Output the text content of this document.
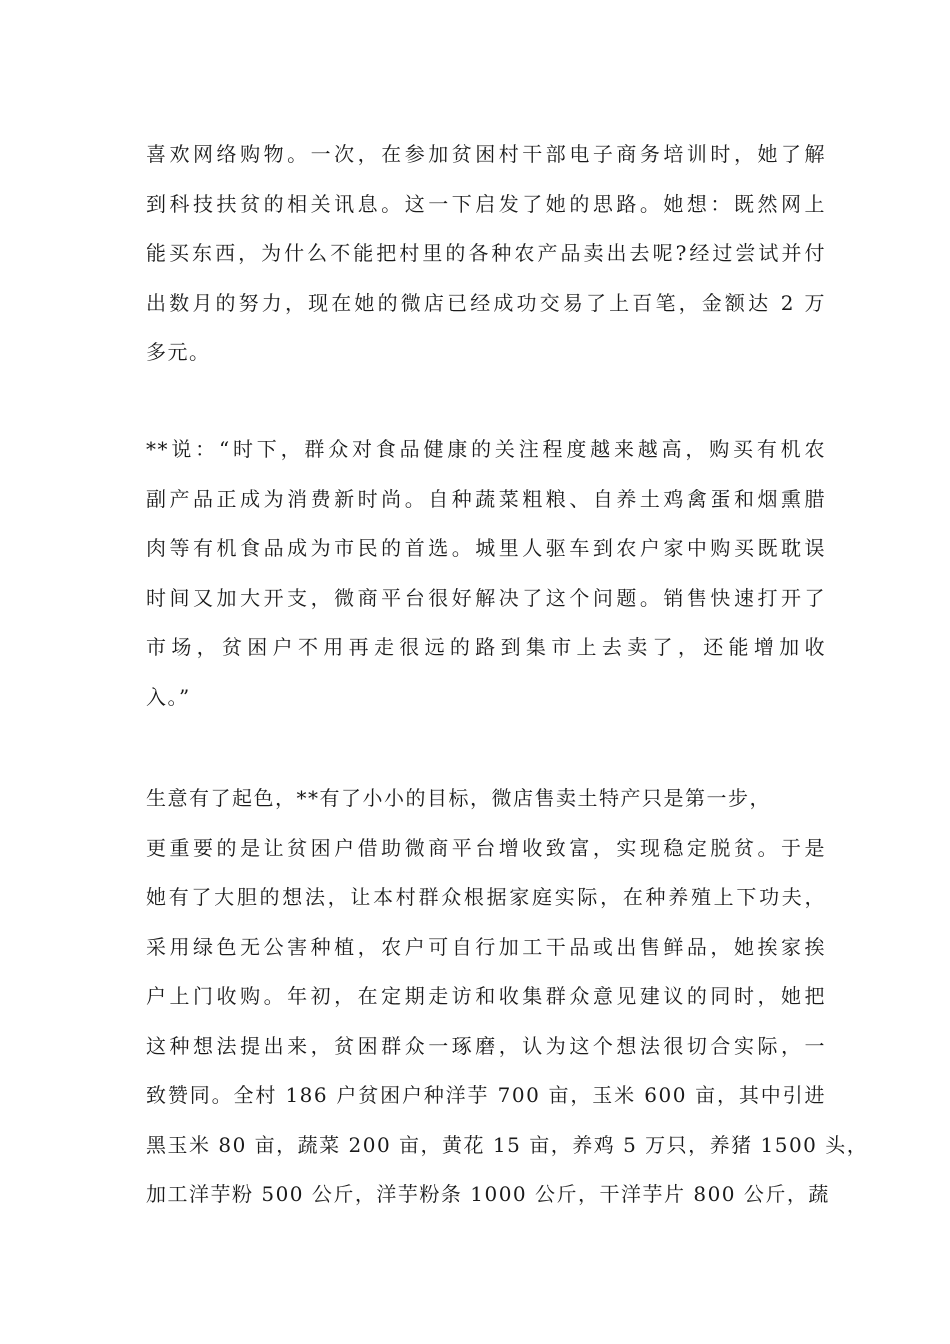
喜欢网络购物。一次，在参加贫困村干部电子商务培训时，她了解
到科技扶贫的相关讯息。这一下启发了她的思路。她想：既然网上
能买东西，为什么不能把村里的各种农产品卖出去呢?经过尝试并付
出数月的努力，现在她的微店已经成功交易了上百笔，金额达 2 万
多元。
**说：“时下，群众对食品健康的关注程度越来越高，购买有机农
副产品正成为消费新时尚。自种蔬菜粗粮、自养土鸡禽蛋和烟熏腊
肉等有机食品成为市民的首选。城里人驱车到农户家中购买既耽误
时间又加大开支，微商平台很好解决了这个问题。销售快速打开了
市场，贫困户不用再走很远的路到集市上去卖了，还能增加收
入。”
生意有了起色，**有了小小的目标，微店售卖土特产只是第一步，
更重要的是让贫困户借助微商平台增收致富，实现稳定脱贫。于是
她有了大胆的想法，让本村群众根据家庭实际，在种养殖上下功夫，
采用绿色无公害种植，农户可自行加工干品或出售鲜品，她挨家挨
户上门收购。年初，在定期走访和收集群众意见建议的同时，她把
这种想法提出来，贫困群众一琢磨，认为这个想法很切合实际，一
致赞同。全村 186 户贫困户种洋芋 700 亩，玉米 600 亩，其中引进
黑玉米 80 亩，蔬菜 200 亩，黄花 15 亩，养鸡 5 万只，养猪 1500 头，
加工洋芋粉 500 公斤，洋芋粉条 1000 公斤，干洋芋片 800 公斤，蔬
